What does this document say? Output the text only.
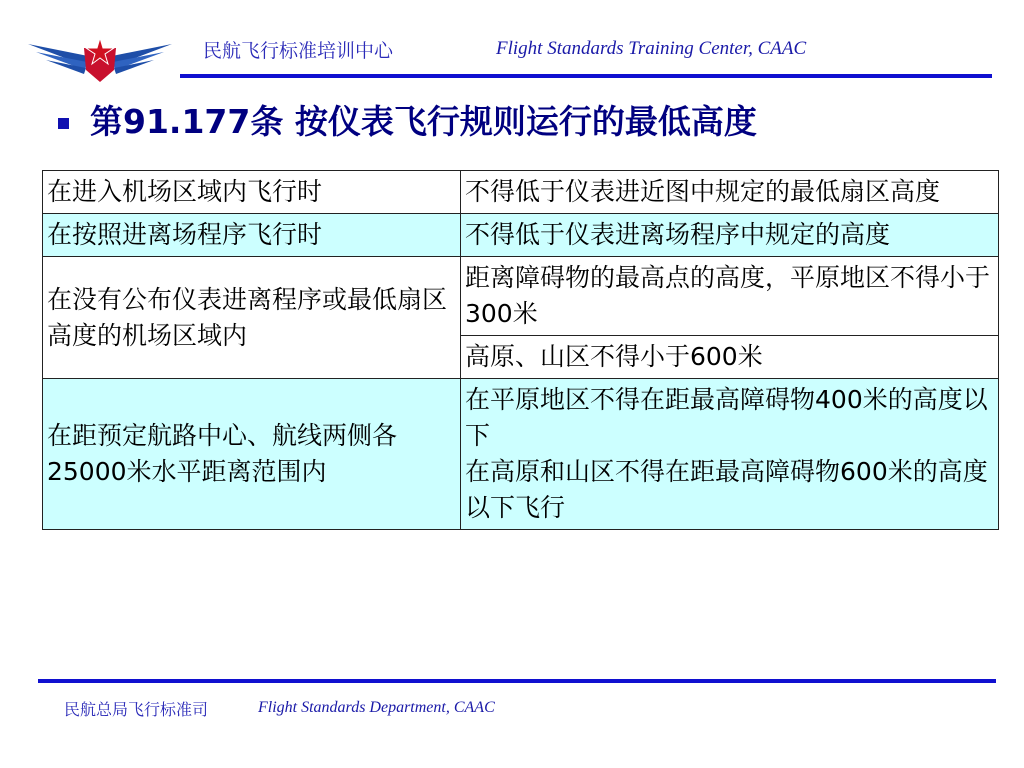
民航飞行标准培训中心	Flight Standards Training Center, CAAC
第91.177条 按仪表飞行规则运行的最低高度
在进入机场区域内飞行时	不得低于仪表进近图中规定的最低扇区高度
在按照进离场程序飞行时	不得低于仪表进离场程序中规定的高度
在没有公布仪表进离程序或最低扇区高度的机场区域内	距离障碍物的最高点的高度，平原地区不得小于300米
	高原、山区不得小于600米
在距预定航路中心、航线两侧各25000米水平距离范围内	在平原地区不得在距最高障碍物400米的高度以下
在高原和山区不得在距最高障碍物600米的高度以下飞行
民航总局飞行标准司	Flight Standards Department, CAAC
